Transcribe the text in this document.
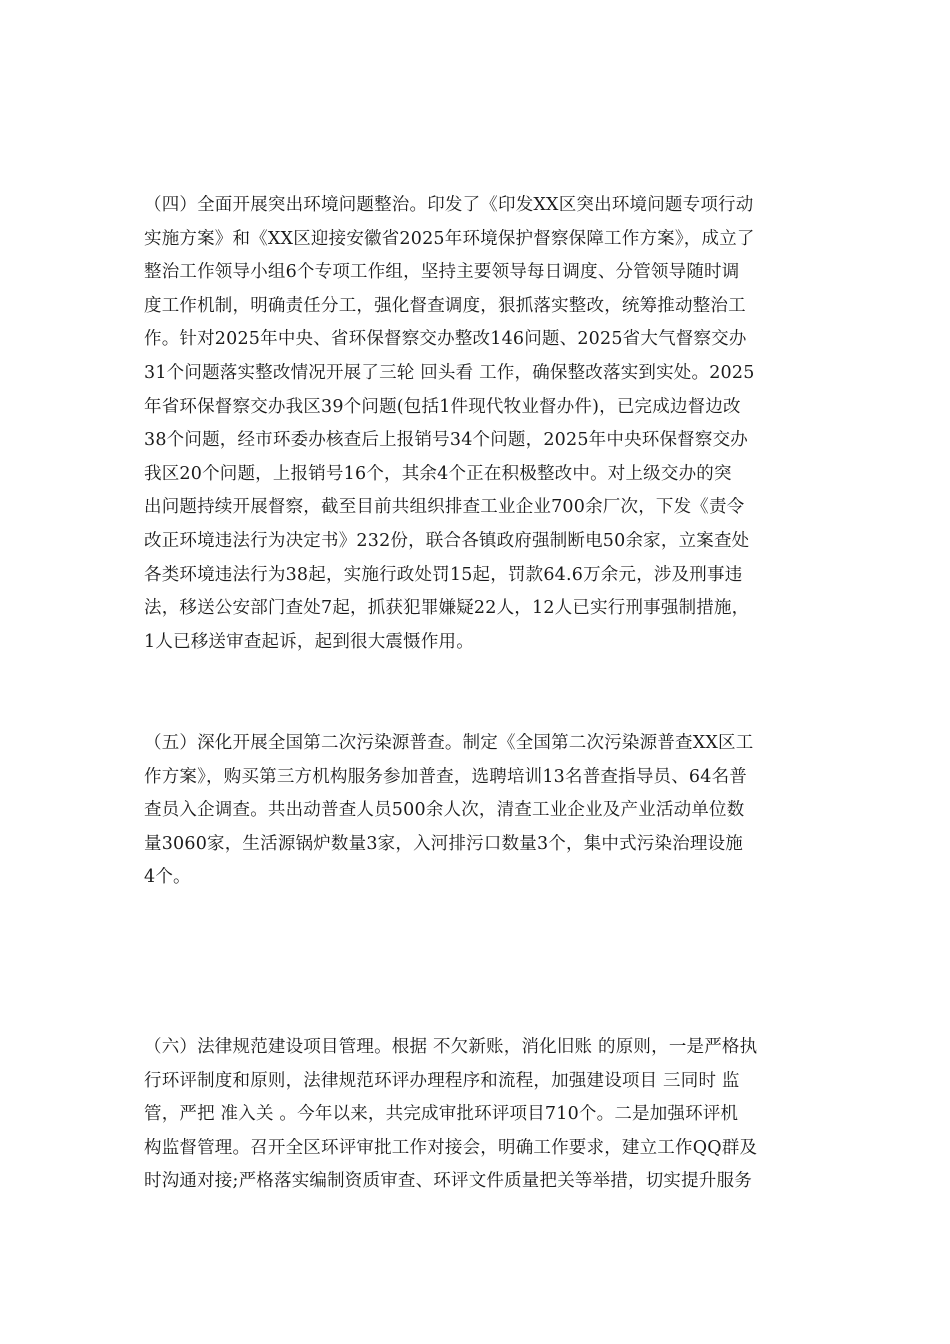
（四）全面开展突出环境问题整治。印发了《印发XX区突出环境问题专项行动
实施方案》和《XX区迎接安徽省2025年环境保护督察保障工作方案》，成立了
整治工作领导小组6个专项工作组，坚持主要领导每日调度、分管领导随时调
度工作机制，明确责任分工，强化督查调度，狠抓落实整改，统筹推动整治工
作。针对2025年中央、省环保督察交办整改146问题、2025省大气督察交办
31个问题落实整改情况开展了三轮 回头看 工作，确保整改落实到实处。2025
年省环保督察交办我区39个问题(包括1件现代牧业督办件)，已完成边督边改
38个问题，经市环委办核查后上报销号34个问题，2025年中央环保督察交办
我区20个问题，上报销号16个，其余4个正在积极整改中。对上级交办的突
出问题持续开展督察，截至目前共组织排查工业企业700余厂次，下发《责令
改正环境违法行为决定书》232份，联合各镇政府强制断电50余家，立案查处
各类环境违法行为38起，实施行政处罚15起，罚款64.6万余元，涉及刑事违
法，移送公安部门查处7起，抓获犯罪嫌疑22人，12人已实行刑事强制措施，
1人已移送审查起诉，起到很大震慑作用。

（五）深化开展全国第二次污染源普查。制定《全国第二次污染源普查XX区工
作方案》，购买第三方机构服务参加普查，选聘培训13名普查指导员、64名普
查员入企调查。共出动普查人员500余人次，清查工业企业及产业活动单位数
量3060家，生活源锅炉数量3家，入河排污口数量3个，集中式污染治理设施
4个。

（六）法律规范建设项目管理。根据 不欠新账，消化旧账 的原则，一是严格执
行环评制度和原则，法律规范环评办理程序和流程，加强建设项目 三同时 监
管，严把 准入关 。今年以来，共完成审批环评项目710个。二是加强环评机
构监督管理。召开全区环评审批工作对接会，明确工作要求，建立工作QQ群及
时沟通对接;严格落实编制资质审查、环评文件质量把关等举措，切实提升服务
